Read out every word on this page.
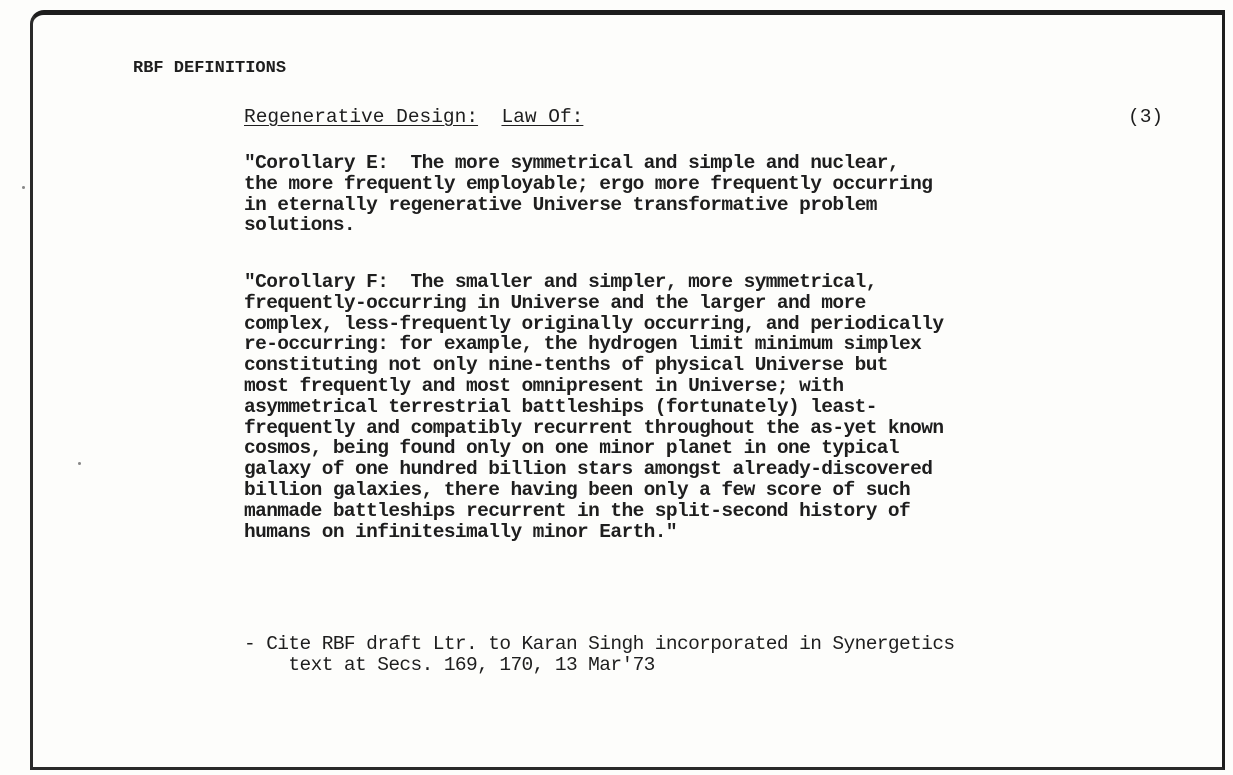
RBF DEFINITIONS
Regenerative Design: Law Of:	(3)
"Corollary E:  The more symmetrical and simple and nuclear,
the more frequently employable; ergo more frequently occurring
in eternally regenerative Universe transformative problem
solutions.
"Corollary F:  The smaller and simpler, more symmetrical,
frequently-occurring in Universe and the larger and more
complex, less-frequently originally occurring, and periodically
re-occurring: for example, the hydrogen limit minimum simplex
constituting not only nine-tenths of physical Universe but
most frequently and most omnipresent in Universe; with
asymmetrical terrestrial battleships (fortunately) least-
frequently and compatibly recurrent throughout the as-yet known
cosmos, being found only on one minor planet in one typical
galaxy of one hundred billion stars amongst already-discovered
billion galaxies, there having been only a few score of such
manmade battleships recurrent in the split-second history of
humans on infinitesimally minor Earth."
- Cite RBF draft Ltr. to Karan Singh incorporated in Synergetics
text at Secs. 169, 170, 13 Mar'73
